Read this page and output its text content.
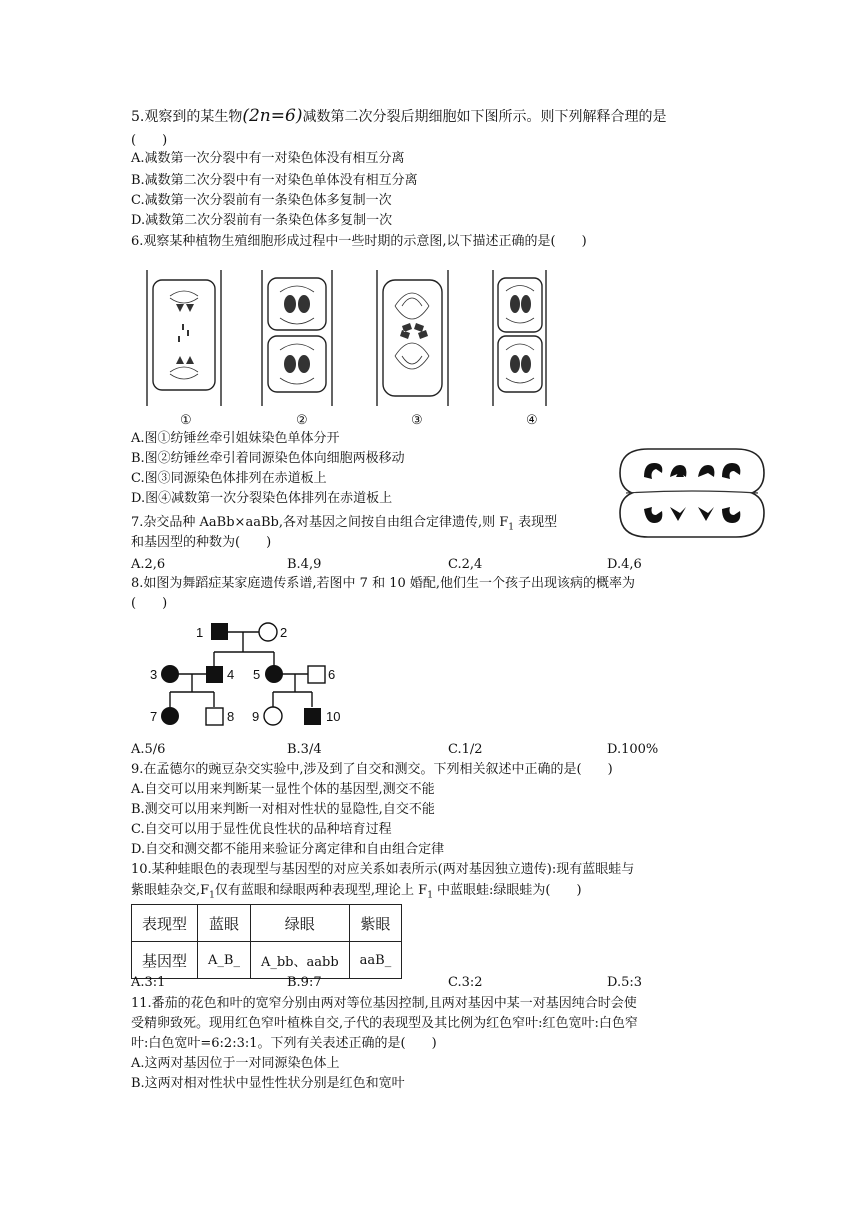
5.观察到的某生物(2n=6)减数第二次分裂后期细胞如下图所示。则下列解释合理的是
(　　)
A.减数第一次分裂中有一对染色体没有相互分离
B.减数第二次分裂中有一对染色单体没有相互分离
C.减数第一次分裂前有一条染色体多复制一次
D.减数第二次分裂前有一条染色体多复制一次
6.观察某种植物生殖细胞形成过程中一些时期的示意图,以下描述正确的是(　　)
①	②	③	④
A.图①纺锤丝牵引姐妹染色单体分开
B.图②纺锤丝牵引着同源染色体向细胞两极移动
C.图③同源染色体排列在赤道板上
D.图④减数第一次分裂染色体排列在赤道板上
7.杂交品种 AaBb×aaBb,各对基因之间按自由组合定律遗传,则 $F_1$ 表现型
和基因型的种数为(　　)
A.2,6	B.4,9	C.2,4	D.4,6
8.如图为舞蹈症某家庭遗传系谱,若图中 7 和 10 婚配,他们生一个孩子出现该病的概率为
(　　)
1	2
3	4 5	6
7	8 9	10
A.5/6	B.3/4	C.1/2	D.100%
9.在孟德尔的豌豆杂交实验中,涉及到了自交和测交。下列相关叙述中正确的是(　　)
A.自交可以用来判断某一显性个体的基因型,测交不能
B.测交可以用来判断一对相对性状的显隐性,自交不能
C.自交可以用于显性优良性状的品种培育过程
D.自交和测交都不能用来验证分离定律和自由组合定律
10.某种蛙眼色的表现型与基因型的对应关系如表所示(两对基因独立遗传):现有蓝眼蛙与
紫眼蛙杂交$,F_1$仅有蓝眼和绿眼两种表现型,理论上 $F_1$ 中蓝眼蛙:绿眼蛙为(　　)
表现型	蓝眼	绿眼	紫眼
基因型	A_B_	A_bb、aabb	aaB_
A.3:1	B.9:7	C.3:2	D.5:3
11.番茄的花色和叶的宽窄分别由两对等位基因控制,且两对基因中某一对基因纯合时会使
受精卵致死。现用红色窄叶植株自交,子代的表现型及其比例为红色窄叶:红色宽叶:白色窄
叶:白色宽叶=6:2:3:1。下列有关表述正确的是(　　)
A.这两对基因位于一对同源染色体上
B.这两对相对性状中显性性状分别是红色和宽叶
